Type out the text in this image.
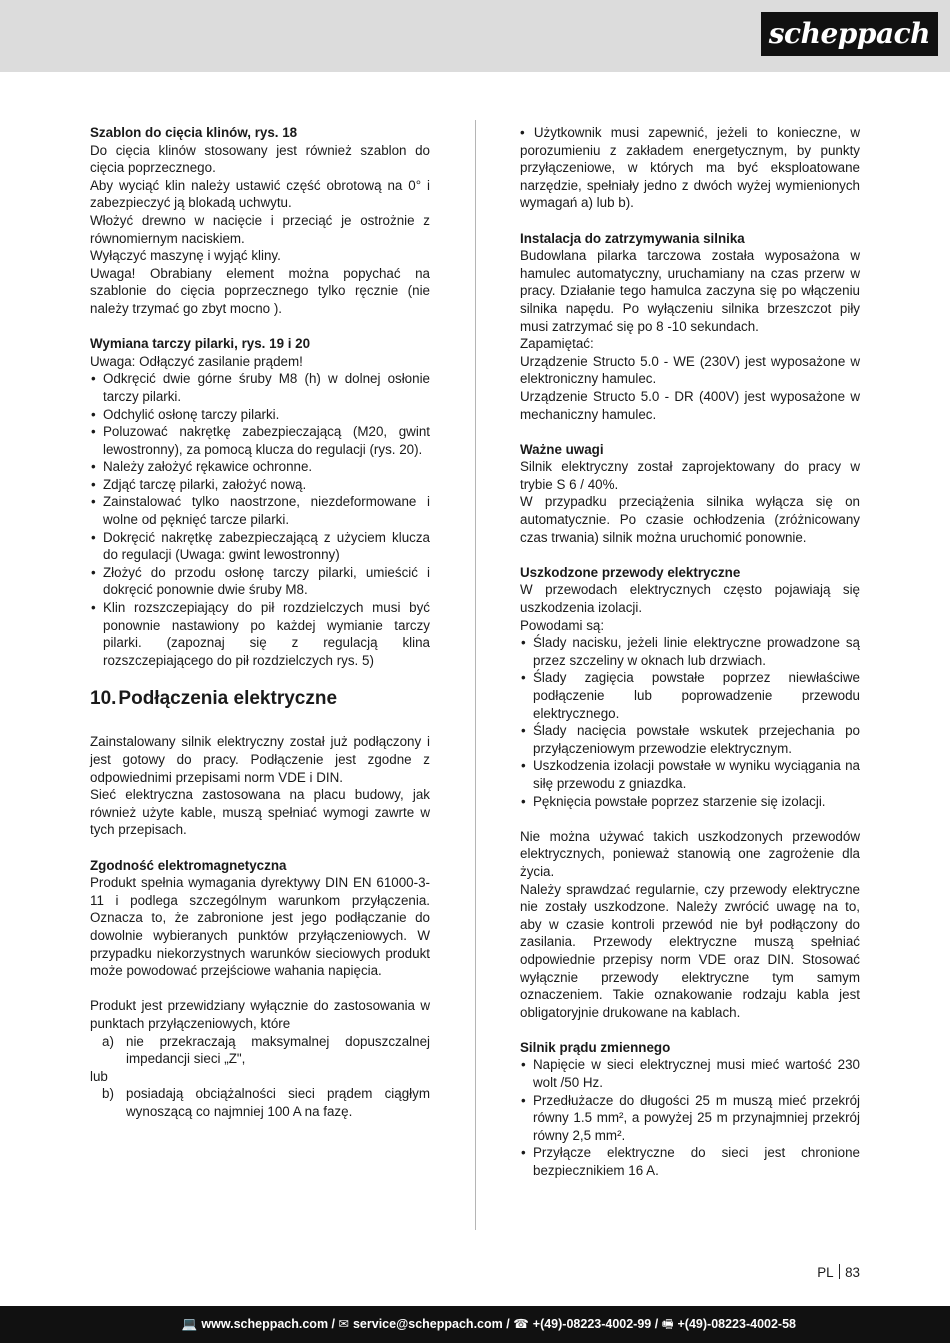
scheppach

Szablon do cięcia klinów, rys. 18

Do cięcia klinów stosowany jest również szablon do cięcia poprzecznego.

Aby wyciąć klin należy ustawić część obrotową na 0° i zabezpieczyć ją blokadą uchwytu.

Włożyć drewno w nacięcie i przeciąć je ostrożnie z równomiernym naciskiem.

Wyłączyć maszynę i wyjąć kliny.

Uwaga! Obrabiany element można popychać na szablonie do cięcia poprzecznego tylko ręcznie (nie należy trzymać go zbyt mocno ).

Wymiana tarczy pilarki, rys. 19 i 20

Uwaga: Odłączyć zasilanie prądem!

• Odkręcić dwie górne śruby M8 (h) w dolnej osłonie tarczy pilarki.
• Odchylić osłonę tarczy pilarki.
• Poluzować nakrętkę zabezpieczającą (M20, gwint lewostronny), za pomocą klucza do regulacji (rys. 20).
• Należy założyć rękawice ochronne.
• Zdjąć tarczę pilarki, założyć nową.
• Zainstalować tylko naostrzone, niezdeformowane i wolne od pęknięć tarcze pilarki.
• Dokręcić nakrętkę zabezpieczającą z użyciem klucza do regulacji (Uwaga: gwint lewostronny)
• Złożyć do przodu osłonę tarczy pilarki, umieścić i dokręcić ponownie dwie śruby M8.
• Klin rozszczepiający do pił rozdzielczych musi być ponownie nastawiony po każdej wymianie tarczy pilarki. (zapoznaj się z regulacją klina rozszczepiającego do pił rozdzielczych rys. 5)
10. Podłączenia elektryczne

Zainstalowany silnik elektryczny został już podłączony i jest gotowy do pracy. Podłączenie jest zgodne z odpowiednimi przepisami norm VDE i DIN.

Sieć elektryczna zastosowana na placu budowy, jak również użyte kable, muszą spełniać wymogi zawrte w tych przepisach.

Zgodność elektromagnetyczna

Produkt spełnia wymagania dyrektywy DIN EN 61000-3-11 i podlega szczególnym warunkom przyłączenia. Oznacza to, że zabronione jest jego podłączanie do dowolnie wybieranych punktów przyłączeniowych. W przypadku niekorzystnych warunków sieciowych produkt może powodować przejściowe wahania napięcia.

Produkt jest przewidziany wyłącznie do zastosowania w punktach przyłączeniowych, które

a) nie przekraczają maksymalnej dopuszczalnej impedancji sieci „Z",

lub

b) posiadają obciążalności sieci prądem ciągłym wynoszącą co najmniej 100 A na fazę.

• Użytkownik musi zapewnić, jeżeli to konieczne, w porozumieniu z zakładem energetycznym, by punkty przyłączeniowe, w których ma być eksploatowane narzędzie, spełniały jedno z dwóch wyżej wymienionych wymagań a) lub b).

Instalacja do zatrzymywania silnika

Budowlana pilarka tarczowa została wyposażona w hamulec automatyczny, uruchamiany na czas przerw w pracy. Działanie tego hamulca zaczyna się po włączeniu silnika napędu. Po wyłączeniu silnika brzeszczot piły musi zatrzymać się po 8 -10 sekundach.

Zapamiętać:

Urządzenie Structo 5.0 - WE (230V) jest wyposażone w elektroniczny hamulec.

Urządzenie Structo 5.0 - DR (400V) jest wyposażone w mechaniczny hamulec.

Ważne uwagi

Silnik elektryczny został zaprojektowany do pracy w trybie S 6 / 40%.

W przypadku przeciążenia silnika wyłącza się on automatycznie. Po czasie ochłodzenia (zróżnicowany czas trwania) silnik można uruchomić ponownie.

Uszkodzone przewody elektryczne

W przewodach elektrycznych często pojawiają się uszkodzenia izolacji.

Powodami są:

• Ślady nacisku, jeżeli linie elektryczne prowadzone są przez szczeliny w oknach lub drzwiach.
• Ślady zagięcia powstałe poprzez niewłaściwe podłączenie lub poprowadzenie przewodu elektrycznego.
• Ślady nacięcia powstałe wskutek przejechania po przyłączeniowym przewodzie elektrycznym.
• Uszkodzenia izolacji powstałe w wyniku wyciągania na siłę przewodu z gniazdka.
• Pęknięcia powstałe poprzez starzenie się izolacji.

Nie można używać takich uszkodzonych przewodów elektrycznych, ponieważ stanowią one zagrożenie dla życia.

Należy sprawdzać regularnie, czy przewody elektryczne nie zostały uszkodzone. Należy zwrócić uwagę na to, aby w czasie kontroli przewód nie był podłączony do zasilania. Przewody elektryczne muszą spełniać odpowiednie przepisy norm VDE oraz DIN. Stosować wyłącznie przewody elektryczne tym samym oznaczeniem. Takie oznakowanie rodzaju kabla jest obligatoryjnie drukowane na kablach.

Silnik prądu zmiennego

• Napięcie w sieci elektrycznej musi mieć wartość 230 wolt /50 Hz.
• Przedłużacze do długości 25 m muszą mieć przekrój równy 1.5 mm², a powyżej 25 m przynajmniej przekrój równy 2,5 mm².
• Przyłącze elektryczne do sieci jest chronione bezpiecznikiem 16 A.
PL 83
💻 www.scheppach.com / ✉ service@scheppach.com / ☎ +(49)-08223-4002-99 / 🖷 +(49)-08223-4002-58
